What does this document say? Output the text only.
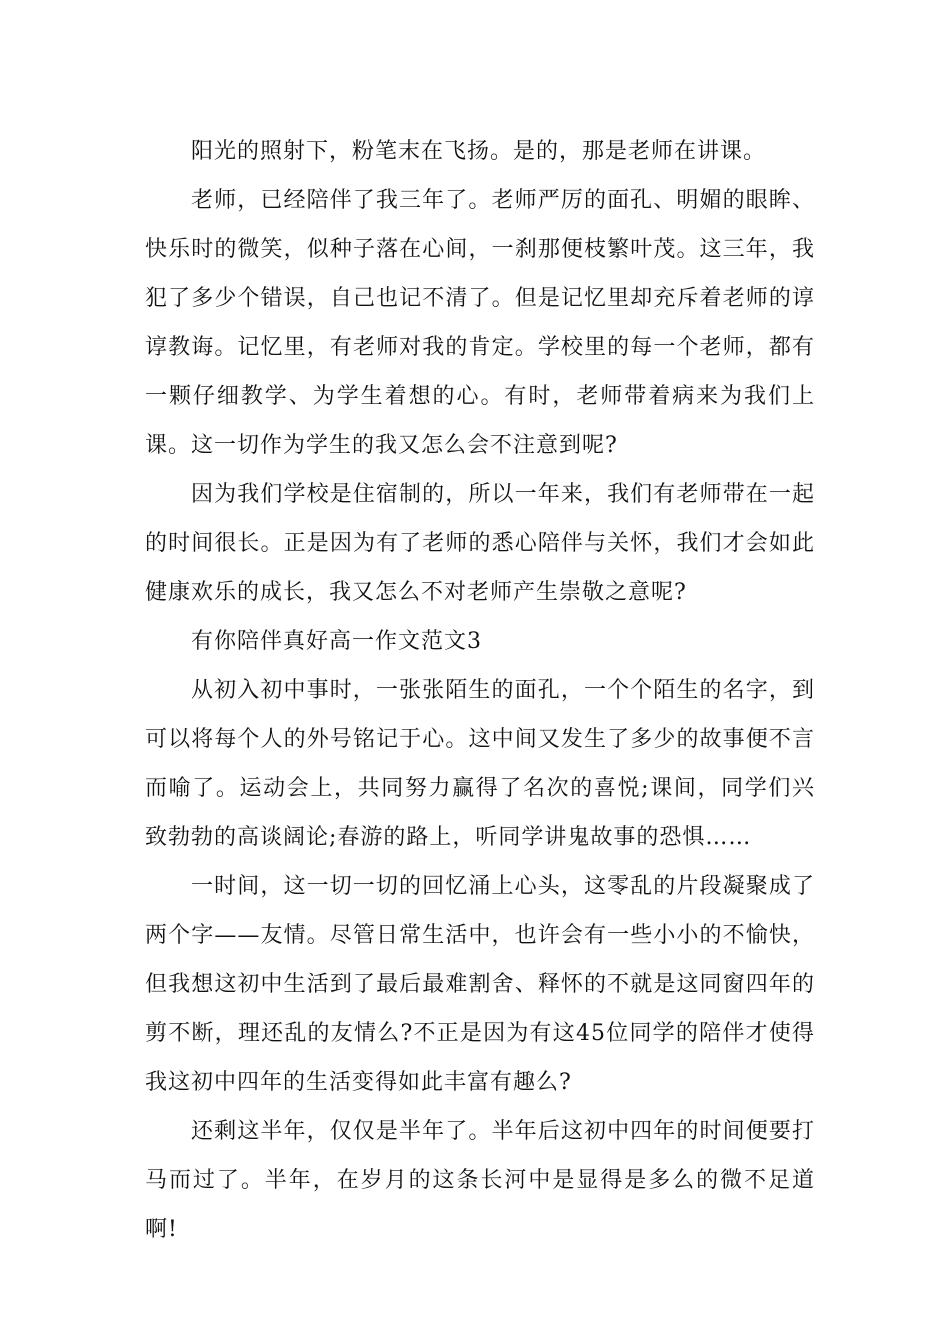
阳光的照射下，粉笔末在飞扬。是的，那是老师在讲课。

老师，已经陪伴了我三年了。老师严厉的面孔、明媚的眼眸、快乐时的微笑，似种子落在心间，一刹那便枝繁叶茂。这三年，我犯了多少个错误，自己也记不清了。但是记忆里却充斥着老师的谆谆教诲。记忆里，有老师对我的肯定。学校里的每一个老师，都有一颗仔细教学、为学生着想的心。有时，老师带着病来为我们上课。这一切作为学生的我又怎么会不注意到呢?

因为我们学校是住宿制的，所以一年来，我们有老师带在一起的时间很长。正是因为有了老师的悉心陪伴与关怀，我们才会如此健康欢乐的成长，我又怎么不对老师产生崇敬之意呢?

有你陪伴真好高一作文范文3

从初入初中事时，一张张陌生的面孔，一个个陌生的名字，到可以将每个人的外号铭记于心。这中间又发生了多少的故事便不言而喻了。运动会上，共同努力赢得了名次的喜悦;课间，同学们兴致勃勃的高谈阔论;春游的路上，听同学讲鬼故事的恐惧……

一时间，这一切一切的回忆涌上心头，这零乱的片段凝聚成了两个字——友情。尽管日常生活中，也许会有一些小小的不愉快，但我想这初中生活到了最后最难割舍、释怀的不就是这同窗四年的剪不断，理还乱的友情么?不正是因为有这45位同学的陪伴才使得我这初中四年的生活变得如此丰富有趣么?

还剩这半年，仅仅是半年了。半年后这初中四年的时间便要打马而过了。半年，在岁月的这条长河中是显得是多么的微不足道啊!
